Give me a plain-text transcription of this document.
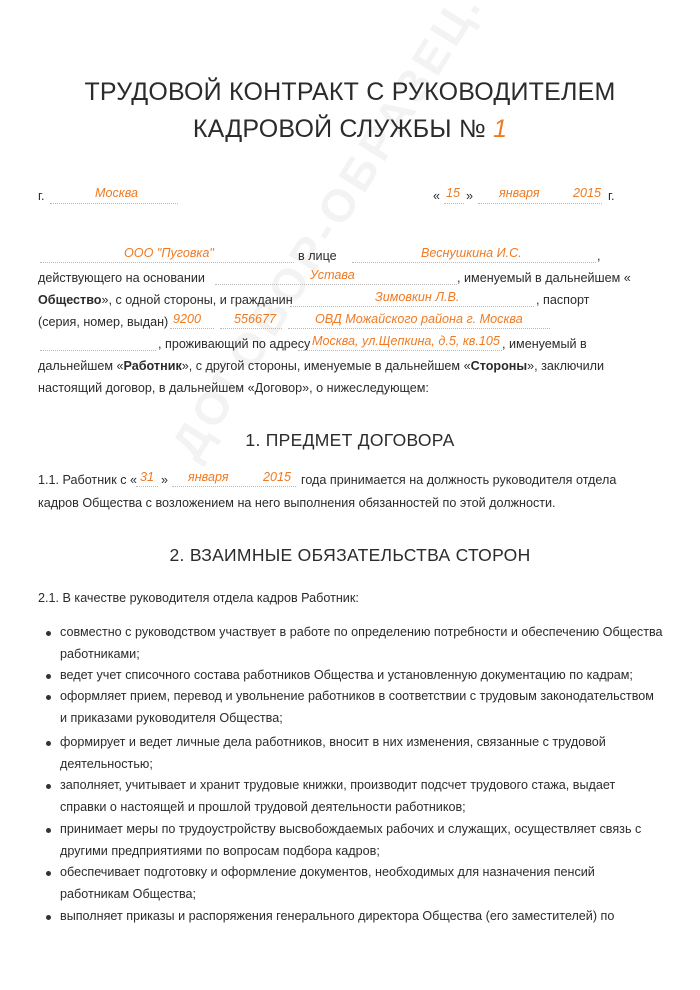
ТРУДОВОЙ КОНТРАКТ С РУКОВОДИТЕЛЕМ
КАДРОВОЙ СЛУЖБЫ № 1
г.	Москва	« 15 » января	2015 г.
ООО "Пуговка"	в лице	Веснушкина И.С.	,
действующего на основании	Устава	, именуемый в дальнейшем «
Общество», с одной стороны, и гражданин	Зимовкин Л.В.	, паспорт
(серия, номер, выдан) 9200	556677	ОВД Можайского района г. Москва
, проживающий по адресу Москва, ул.Щепкина, д.5, кв.105 , именуемый в
дальнейшем «Работник», с другой стороны, именуемые в дальнейшем «Стороны», заключили
настоящий договор, в дальнейшем «Договор», о нижеследующем:
1. ПРЕДМЕТ ДОГОВОРА
1.1. Работник с « 31 » января	2015 года принимается на должность руководителя отдела
кадров Общества с возложением на него выполнения обязанностей по этой должности.
2. ВЗАИМНЫЕ ОБЯЗАТЕЛЬСТВА СТОРОН
2.1. В качестве руководителя отдела кадров Работник:
совместно с руководством участвует в работе по определению потребности и обеспечению Общества
работниками;
ведет учет списочного состава работников Общества и установленную документацию по кадрам;
оформляет прием, перевод и увольнение работников в соответствии с трудовым законодательством
и приказами руководителя Общества;
формирует и ведет личные дела работников, вносит в них изменения, связанные с трудовой
деятельностью;
заполняет, учитывает и хранит трудовые книжки, производит подсчет трудового стажа, выдает
справки о настоящей и прошлой трудовой деятельности работников;
принимает меры по трудоустройству высвобождаемых рабочих и служащих, осуществляет связь с
другими предприятиями по вопросам подбора кадров;
обеспечивает подготовку и оформление документов, необходимых для назначения пенсий
работникам Общества;
выполняет приказы и распоряжения генерального директора Общества (его заместителей) по
